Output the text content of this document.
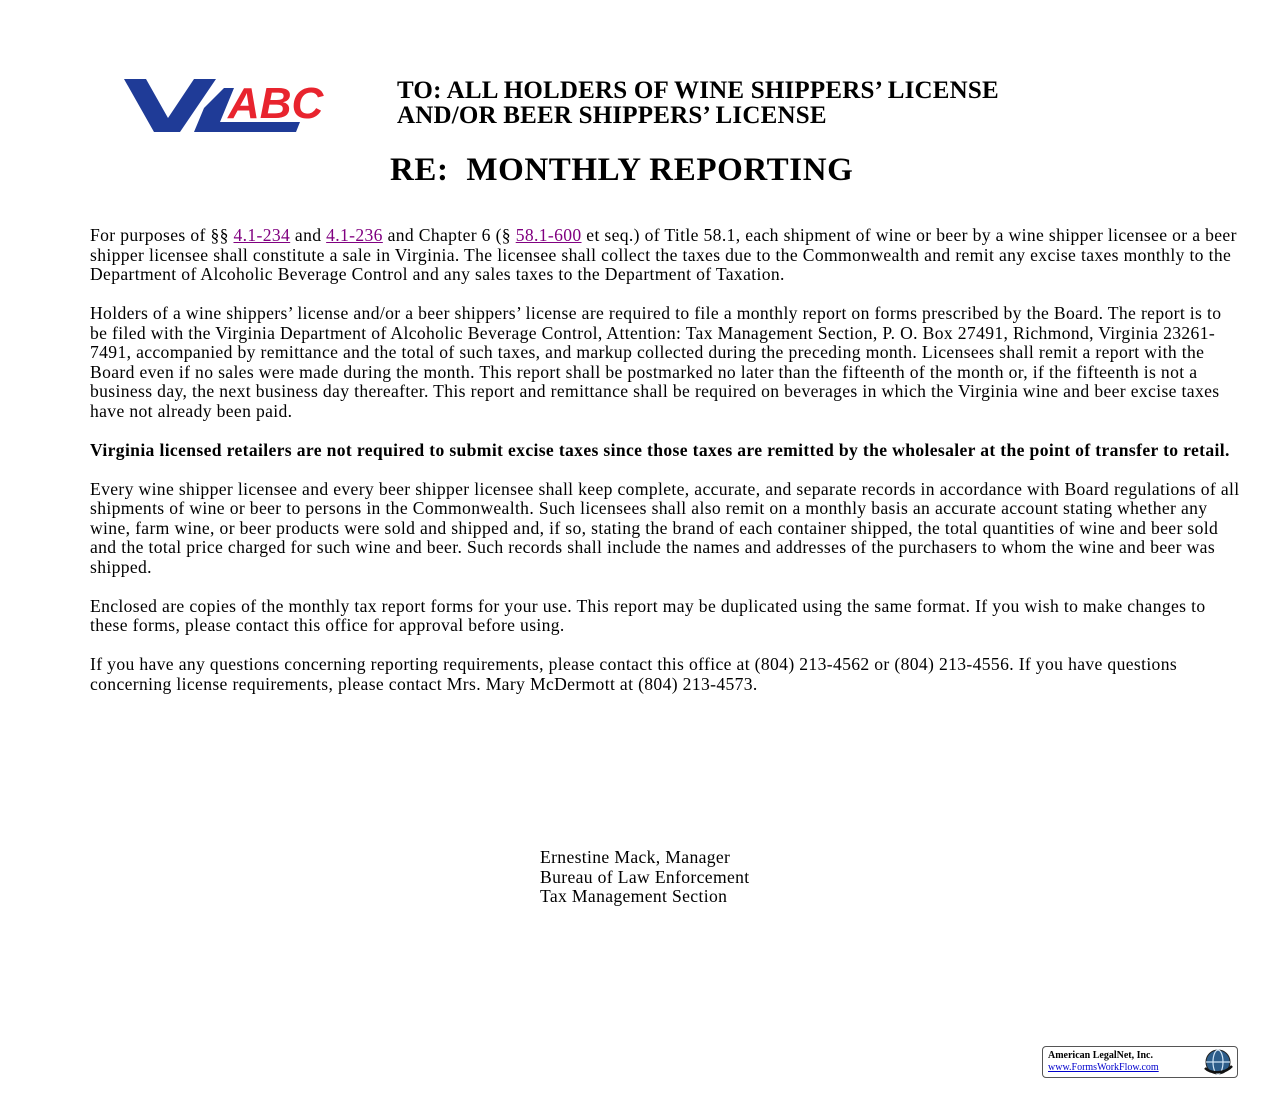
ABC	TO: ALL HOLDERS OF WINE SHIPPERS’ LICENSE
AND/OR BEER SHIPPERS’ LICENSE
RE:  MONTHLY REPORTING

For purposes of §§ 4.1-234 and 4.1-236 and Chapter 6 (§ 58.1-600 et seq.) of Title 58.1, each shipment of wine or beer by a wine shipper licensee or a beer shipper licensee shall constitute a sale in Virginia. The licensee shall collect the taxes due to the Commonwealth and remit any excise taxes monthly to the Department of Alcoholic Beverage Control and any sales taxes to the Department of Taxation.

Holders of a wine shippers’ license and/or a beer shippers’ license are required to file a monthly report on forms prescribed by the Board. The report is to be filed with the Virginia Department of Alcoholic Beverage Control, Attention: Tax Management Section, P. O. Box 27491, Richmond, Virginia 23261-7491, accompanied by remittance and the total of such taxes, and markup collected during the preceding month. Licensees shall remit a report with the Board even if no sales were made during the month. This report shall be postmarked no later than the fifteenth of the month or, if the fifteenth is not a business day, the next business day thereafter. This report and remittance shall be required on beverages in which the Virginia wine and beer excise taxes have not already been paid.

Virginia licensed retailers are not required to submit excise taxes since those taxes are remitted by the wholesaler at the point of transfer to retail.

Every wine shipper licensee and every beer shipper licensee shall keep complete, accurate, and separate records in accordance with Board regulations of all shipments of wine or beer to persons in the Commonwealth. Such licensees shall also remit on a monthly basis an accurate account stating whether any wine, farm wine, or beer products were sold and shipped and, if so, stating the brand of each container shipped, the total quantities of wine and beer sold and the total price charged for such wine and beer. Such records shall include the names and addresses of the purchasers to whom the wine and beer was shipped.

Enclosed are copies of the monthly tax report forms for your use. This report may be duplicated using the same format. If you wish to make changes to these forms, please contact this office for approval before using.

If you have any questions concerning reporting requirements, please contact this office at (804) 213-4562 or (804) 213-4556. If you have questions concerning license requirements, please contact Mrs. Mary McDermott at (804) 213-4573.

Ernestine Mack, Manager
Bureau of Law Enforcement
Tax Management Section
American LegalNet, Inc.
www.FormsWorkFlow.com
